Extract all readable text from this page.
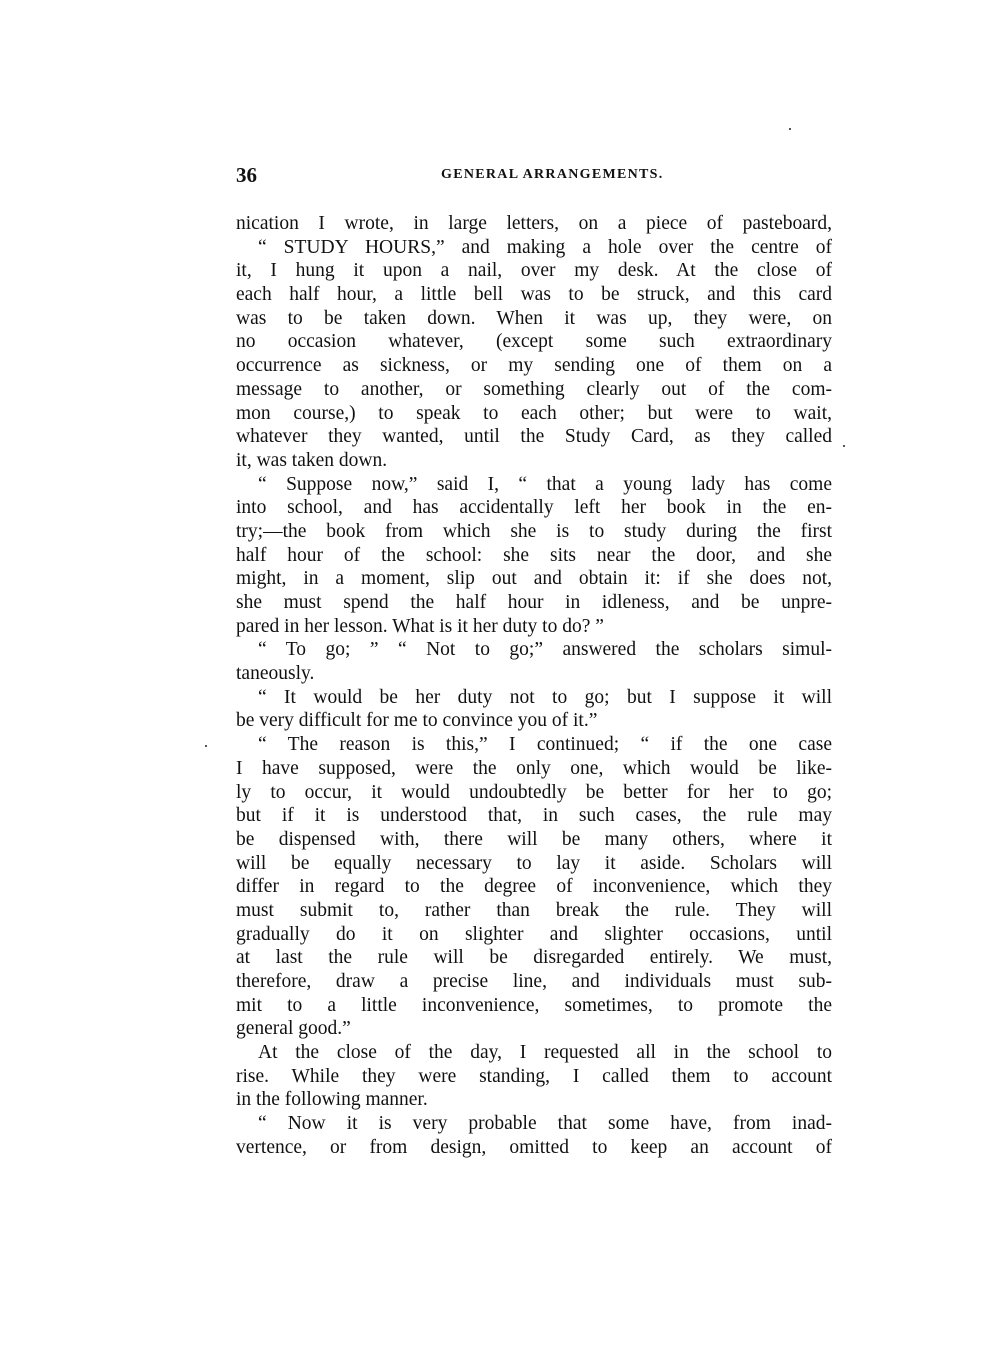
36	GENERAL ARRANGEMENTS.
nication I wrote, in large letters, on a piece of pasteboard,
“ STUDY HOURS,” and making a hole over the centre of
it, I hung it upon a nail, over my desk. At the close of
each half hour, a little bell was to be struck, and this card
was to be taken down. When it was up, they were, on
no occasion whatever, (except some such extraordinary
occurrence as sickness, or my sending one of them on a
message to another, or something clearly out of the com-
mon course,) to speak to each other; but were to wait,
whatever they wanted, until the Study Card, as they called
it, was taken down.
“ Suppose now,” said I, “ that a young lady has come
into school, and has accidentally left her book in the en-
try;—the book from which she is to study during the first
half hour of the school: she sits near the door, and she
might, in a moment, slip out and obtain it: if she does not,
she must spend the half hour in idleness, and be unpre-
pared in her lesson. What is it her duty to do? ”
“ To go; ” “ Not to go;” answered the scholars simul-
taneously.
“ It would be her duty not to go; but I suppose it will
be very difficult for me to convince you of it.”
“ The reason is this,” I continued; “ if the one case
I have supposed, were the only one, which would be like-
ly to occur, it would undoubtedly be better for her to go;
but if it is understood that, in such cases, the rule may
be dispensed with, there will be many others, where it
will be equally necessary to lay it aside. Scholars will
differ in regard to the degree of inconvenience, which they
must submit to, rather than break the rule. They will
gradually do it on slighter and slighter occasions, until
at last the rule will be disregarded entirely. We must,
therefore, draw a precise line, and individuals must sub-
mit to a little inconvenience, sometimes, to promote the
general good.”
At the close of the day, I requested all in the school to
rise. While they were standing, I called them to account
in the following manner.
“ Now it is very probable that some have, from inad-
vertence, or from design, omitted to keep an account of
